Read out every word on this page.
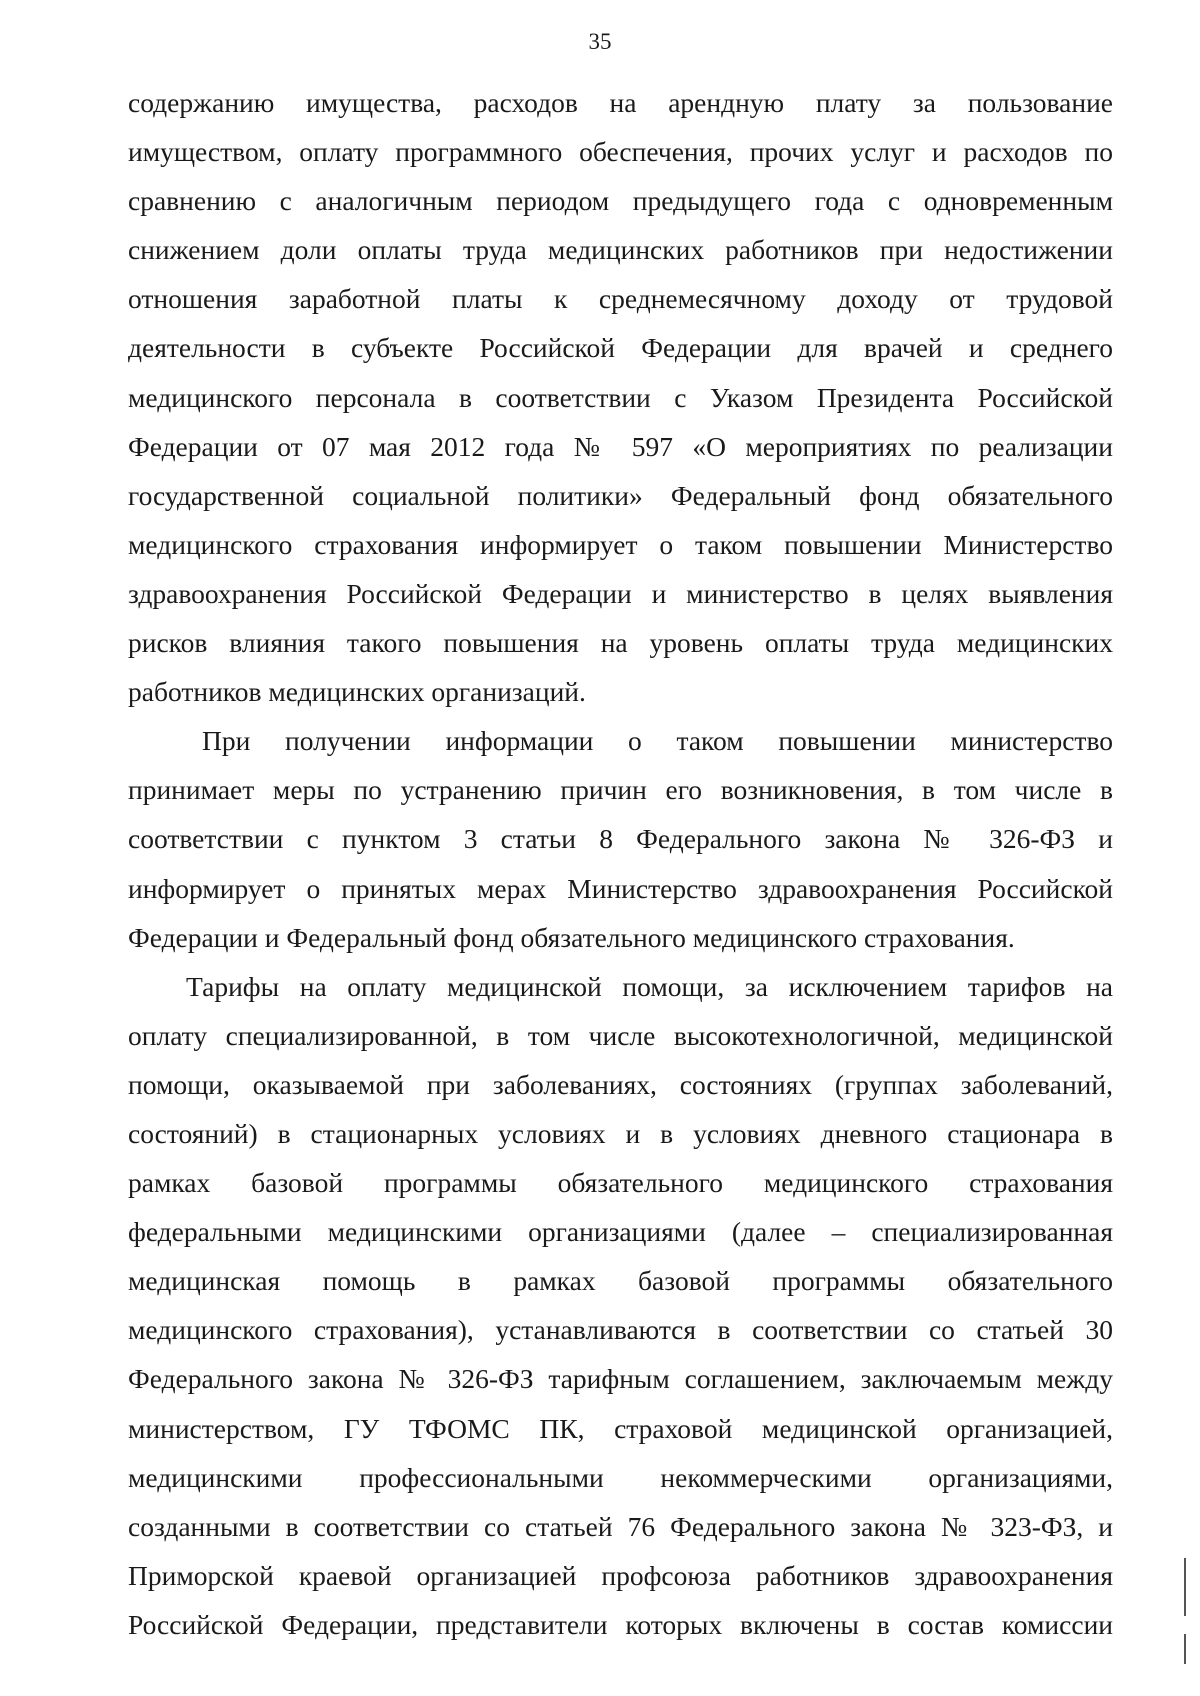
35
содержанию имущества, расходов на арендную плату за пользование
имуществом, оплату программного обеспечения, прочих услуг и расходов по
сравнению с аналогичным периодом предыдущего года с одновременным
снижением доли оплаты труда медицинских работников при недостижении
отношения заработной платы к среднемесячному доходу от трудовой
деятельности в субъекте Российской Федерации для врачей и среднего
медицинского персонала в соответствии с Указом Президента Российской
Федерации от 07 мая 2012 года № 597 «О мероприятиях по реализации
государственной социальной политики» Федеральный фонд обязательного
медицинского страхования информирует о таком повышении Министерство
здравоохранения Российской Федерации и министерство в целях выявления
рисков влияния такого повышения на уровень оплаты труда медицинских
работников медицинских организаций.
При получении информации о таком повышении министерство
принимает меры по устранению причин его возникновения, в том числе в
соответствии с пунктом 3 статьи 8 Федерального закона № 326-ФЗ и
информирует о принятых мерах Министерство здравоохранения Российской
Федерации и Федеральный фонд обязательного медицинского страхования.
Тарифы на оплату медицинской помощи, за исключением тарифов на
оплату специализированной, в том числе высокотехнологичной, медицинской
помощи, оказываемой при заболеваниях, состояниях (группах заболеваний,
состояний) в стационарных условиях и в условиях дневного стационара в
рамках базовой программы обязательного медицинского страхования
федеральными медицинскими организациями (далее – специализированная
медицинская помощь в рамках базовой программы обязательного
медицинского страхования), устанавливаются в соответствии со статьей 30
Федерального закона № 326-ФЗ тарифным соглашением, заключаемым между
министерством, ГУ ТФОМС ПК, страховой медицинской организацией,
медицинскими профессиональными некоммерческими организациями,
созданными в соответствии со статьей 76 Федерального закона № 323-ФЗ, и
Приморской краевой организацией профсоюза работников здравоохранения
Российской Федерации, представители которых включены в состав комиссии
